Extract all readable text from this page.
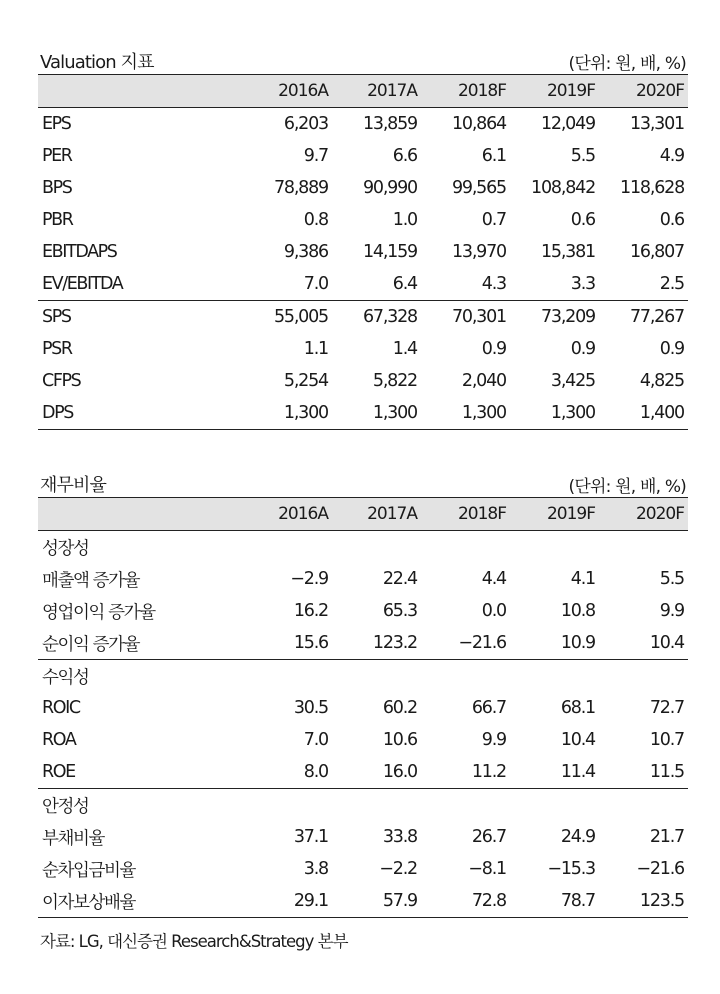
Valuation 지표	(단위: 원, 배, %)
	2016A	2017A	2018F	2019F	2020F
EPS	6,203	13,859	10,864	12,049	13,301
PER	9.7	6.6	6.1	5.5	4.9
BPS	78,889	90,990	99,565	108,842	118,628
PBR	0.8	1.0	0.7	0.6	0.6
EBITDAPS	9,386	14,159	13,970	15,381	16,807
EV/EBITDA	7.0	6.4	4.3	3.3	2.5
SPS	55,005	67,328	70,301	73,209	77,267
PSR	1.1	1.4	0.9	0.9	0.9
CFPS	5,254	5,822	2,040	3,425	4,825
DPS	1,300	1,300	1,300	1,300	1,400
재무비율	(단위: 원, 배, %)
	2016A	2017A	2018F	2019F	2020F
성장성					
매출액 증가율	−2.9	22.4	4.4	4.1	5.5
영업이익 증가율	16.2	65.3	0.0	10.8	9.9
순이익 증가율	15.6	123.2	−21.6	10.9	10.4
수익성					
ROIC	30.5	60.2	66.7	68.1	72.7
ROA	7.0	10.6	9.9	10.4	10.7
ROE	8.0	16.0	11.2	11.4	11.5
안정성					
부채비율	37.1	33.8	26.7	24.9	21.7
순차입금비율	3.8	−2.2	−8.1	−15.3	−21.6
이자보상배율	29.1	57.9	72.8	78.7	123.5
자료: LG, 대신증권 Research&Strategy 본부
